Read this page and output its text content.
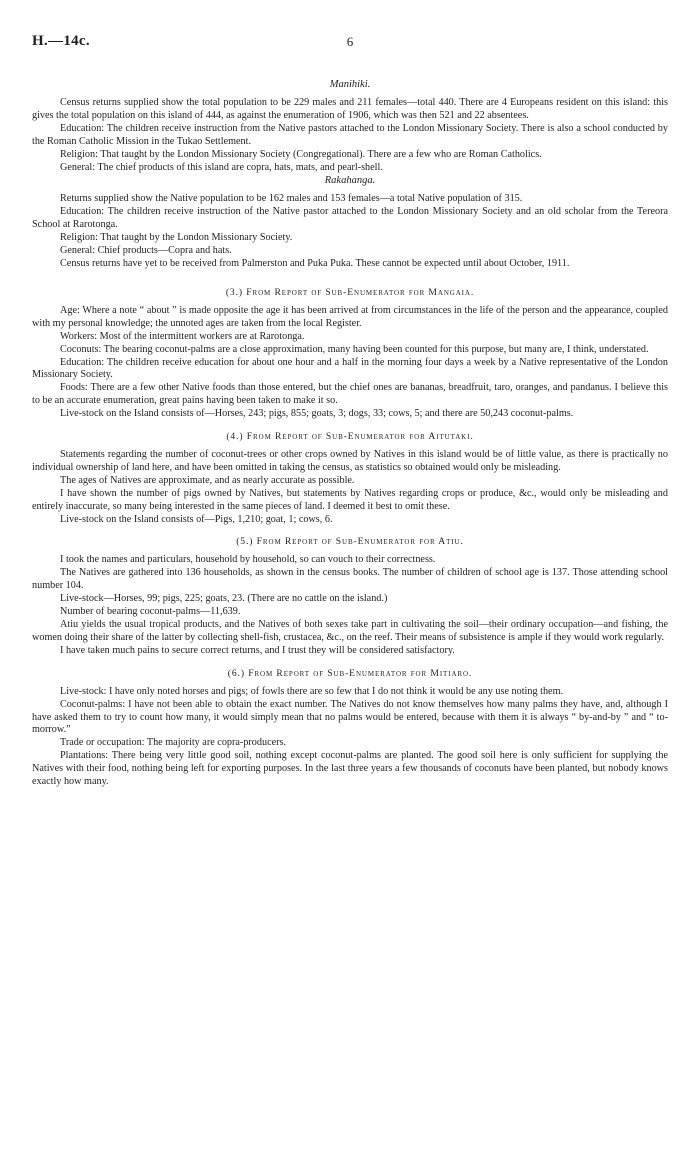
H.—14c.	6
Manihiki.

Census returns supplied show the total population to be 229 males and 211 females—total 440. There are 4 Europeans resident on this island: this gives the total population on this island of 444, as against the enumeration of 1906, which was then 521 and 22 absentees.

Education: The children receive instruction from the Native pastors attached to the London Missionary Society. There is also a school conducted by the Roman Catholic Mission in the Tukao Settlement.

Religion: That taught by the London Missionary Society (Congregational). There are a few who are Roman Catholics.

General: The chief products of this island are copra, hats, mats, and pearl-shell.

Rakahanga.

Returns supplied show the Native population to be 162 males and 153 females—a total Native population of 315.

Education: The children receive instruction of the Native pastor attached to the London Missionary Society and an old scholar from the Tereora School at Rarotonga.

Religion: That taught by the London Missionary Society.

General: Chief products—Copra and hats.

Census returns have yet to be received from Palmerston and Puka Puka. These cannot be expected until about October, 1911.

(3.) From Report of Sub-Enumerator for Mangaia.

Age: Where a note “ about ” is made opposite the age it has been arrived at from circumstances in the life of the person and the appearance, coupled with my personal knowledge; the unnoted ages are taken from the local Register.

Workers: Most of the intermittent workers are at Rarotonga.

Coconuts: The bearing coconut-palms are a close approximation, many having been counted for this purpose, but many are, I think, understated.

Education: The children receive education for about one hour and a half in the morning four days a week by a Native representative of the London Missionary Society.

Foods: There are a few other Native foods than those entered, but the chief ones are bananas, breadfruit, taro, oranges, and pandanus. I believe this to be an accurate enumeration, great pains having been taken to make it so.

Live-stock on the Island consists of—Horses, 243; pigs, 855; goats, 3; dogs, 33; cows, 5; and there are 50,243 coconut-palms.

(4.) From Report of Sub-Enumerator for Aitutaki.

Statements regarding the number of coconut-trees or other crops owned by Natives in this island would be of little value, as there is practically no individual ownership of land here, and have been omitted in taking the census, as statistics so obtained would only be misleading.

The ages of Natives are approximate, and as nearly accurate as possible.

I have shown the number of pigs owned by Natives, but statements by Natives regarding crops or produce, &c., would only be misleading and entirely inaccurate, so many being interested in the same pieces of land. I deemed it best to omit these.

Live-stock on the Island consists of—Pigs, 1,210; goat, 1; cows, 6.

(5.) From Report of Sub-Enumerator for Atiu.

I took the names and particulars, household by household, so can vouch to their correctness.

The Natives are gathered into 136 households, as shown in the census books. The number of children of school age is 137. Those attending school number 104.

Live-stock—Horses, 99; pigs, 225; goats, 23. (There are no cattle on the island.)

Number of bearing coconut-palms—11,639.

Atiu yields the usual tropical products, and the Natives of both sexes take part in cultivating the soil—their ordinary occupation—and fishing, the women doing their share of the latter by collecting shell-fish, crustacea, &c., on the reef. Their means of subsistence is ample if they would work regularly.

I have taken much pains to secure correct returns, and I trust they will be considered satisfactory.

(6.) From Report of Sub-Enumerator for Mitiaro.

Live-stock: I have only noted horses and pigs; of fowls there are so few that I do not think it would be any use noting them.

Coconut-palms: I have not been able to obtain the exact number. The Natives do not know themselves how many palms they have, and, although I have asked them to try to count how many, it would simply mean that no palms would be entered, because with them it is always “ by-and-by ” and “ to-morrow.”

Trade or occupation: The majority are copra-producers.

Plantations: There being very little good soil, nothing except coconut-palms are planted. The good soil here is only sufficient for supplying the Natives with their food, nothing being left for exporting purposes. In the last three years a few thousands of coconuts have been planted, but nobody knows exactly how many.
